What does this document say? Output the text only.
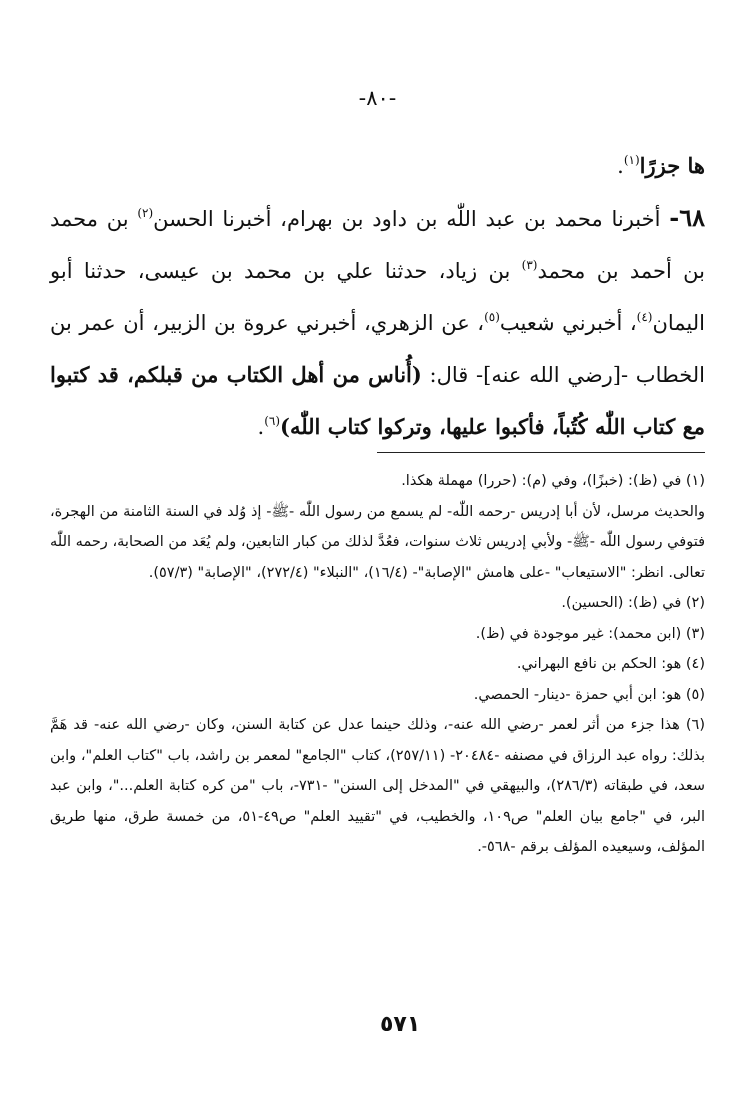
-٨٠-

ها جزرًا$^{(١)}$.

٦٨- أخبرنا محمد بن عبد اللّٰه بن داود بن بهرام، أخبرنا الحسن$^{(٢)}$ بن محمد بن أحمد بن محمد$^{(٣)}$ بن زياد، حدثنا علي بن محمد بن عيسى، حدثنا أبو اليمان$^{(٤)}$، أخبرني شعيب$^{(٥)}$، عن الزهري، أخبرني عروة بن الزبير، أن عمر بن الخطاب -[رضي الله عنه]- قال: (أُناس من أهل الكتاب من قبلكم، قد كتبوا مع كتاب اللّٰه كُتُباً، فأكبوا عليها، وتركوا كتاب اللّٰه)$^{(٦)}$.

(١) في (ظ): (خبزًا)، وفي (م): (حررا) مهملة هكذا.

والحديث مرسل، لأن أبا إدريس -رحمه اللّٰه- لم يسمع من رسول اللّٰه -ﷺ- إذ وُلد في السنة الثامنة من الهجرة، فتوفي رسول اللّٰه -ﷺ- ولأبي إدريس ثلاث سنوات، فعُدَّ لذلك من كبار التابعين، ولم يُعَد من الصحابة، رحمه اللّٰه تعالى. انظر: "الاستيعاب" -على هامش "الإصابة"- (١٦/٤)، "النبلاء" (٢٧٢/٤)، "الإصابة" (٥٧/٣).

(٢) في (ظ): (الحسين).

(٣) (ابن محمد): غير موجودة في (ظ).

(٤) هو: الحكم بن نافع البهراني.

(٥) هو: ابن أبي حمزة -دينار- الحمصي.

(٦) هذا جزء من أثر لعمر -رضي الله عنه-، وذلك حينما عدل عن كتابة السنن، وكان -رضي الله عنه- قد هَمَّ بذلك: رواه عبد الرزاق في مصنفه -٢٠٤٨٤- (٢٥٧/١١)، كتاب "الجامع" لمعمر بن راشد، باب "كتاب العلم"، وابن سعد، في طبقاته (٢٨٦/٣)، والبيهقي في "المدخل إلى السنن" -٧٣١-، باب "من كره كتابة العلم..."، وابن عبد البر، في "جامع بيان العلم" ص١٠٩، والخطيب، في "تقييد العلم" ص٤٩-٥١، من خمسة طرق، منها طريق المؤلف، وسيعيده المؤلف برقم -٥٦٨-.

٥٧١
